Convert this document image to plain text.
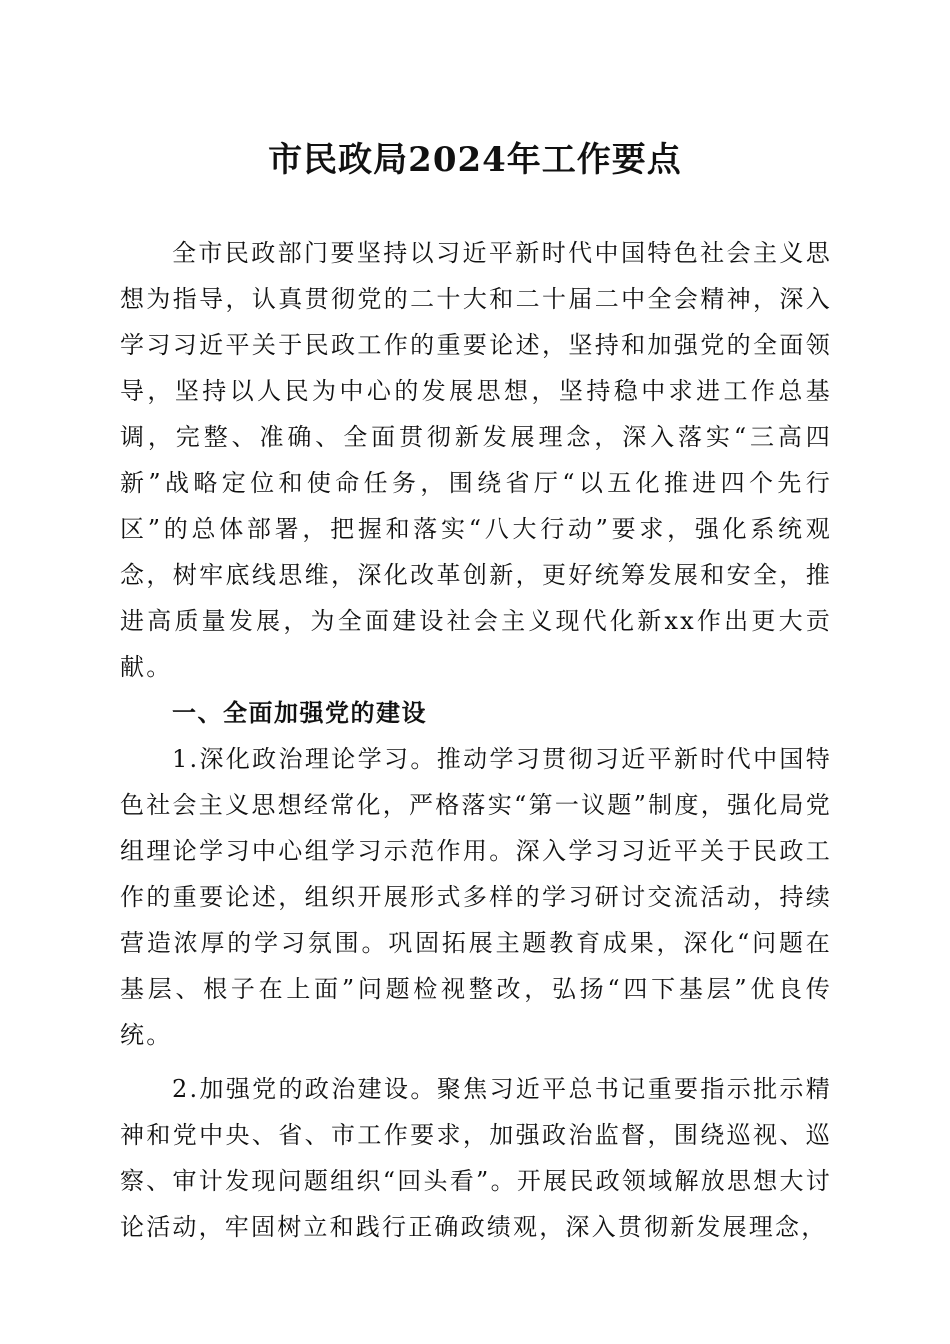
市民政局2024年工作要点

全市民政部门要坚持以习近平新时代中国特色社会主义思想为指导，认真贯彻党的二十大和二十届二中全会精神，深入学习习近平关于民政工作的重要论述，坚持和加强党的全面领导，坚持以人民为中心的发展思想，坚持稳中求进工作总基调，完整、准确、全面贯彻新发展理念，深入落实“三高四新”战略定位和使命任务，围绕省厅“以五化推进四个先行区”的总体部署，把握和落实“八大行动”要求，强化系统观念，树牢底线思维，深化改革创新，更好统筹发展和安全，推进高质量发展，为全面建设社会主义现代化新xx作出更大贡献。

一、全面加强党的建设

1.深化政治理论学习。推动学习贯彻习近平新时代中国特色社会主义思想经常化，严格落实“第一议题”制度，强化局党组理论学习中心组学习示范作用。深入学习习近平关于民政工作的重要论述，组织开展形式多样的学习研讨交流活动，持续营造浓厚的学习氛围。巩固拓展主题教育成果，深化“问题在基层、根子在上面”问题检视整改，弘扬“四下基层”优良传统。

2.加强党的政治建设。聚焦习近平总书记重要指示批示精神和党中央、省、市工作要求，加强政治监督，围绕巡视、巡察、审计发现问题组织“回头看”。开展民政领域解放思想大讨论活动，牢固树立和践行正确政绩观，深入贯彻新发展理念，
